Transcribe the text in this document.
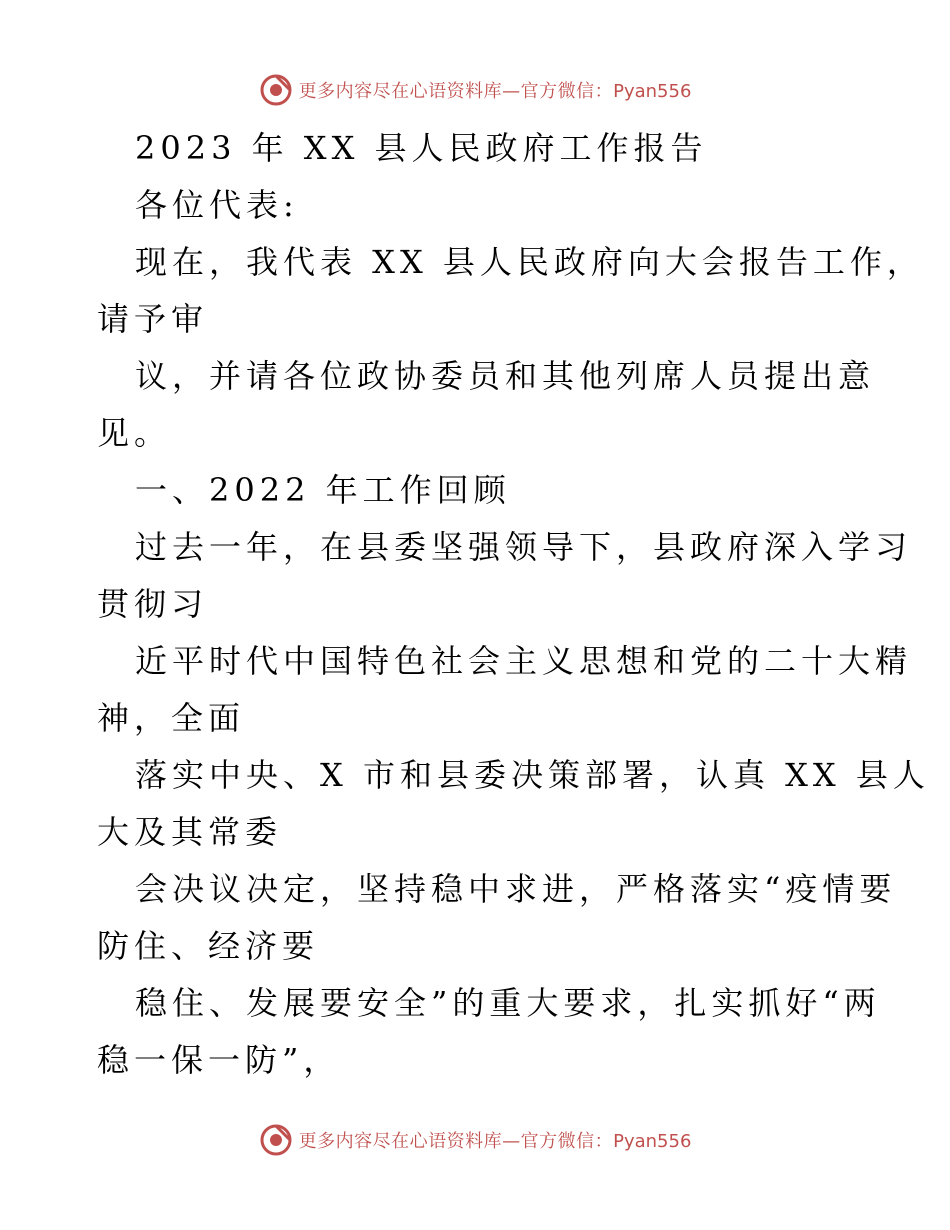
更多内容尽在心语资料库—官方微信：Pyan556
2023 年 XX 县人民政府工作报告
各位代表:
现在，我代表 XX 县人民政府向大会报告工作，
请予审
议，并请各位政协委员和其他列席人员提出意
见。
一、2022 年工作回顾
过去一年，在县委坚强领导下，县政府深入学习
贯彻习
近平时代中国特色社会主义思想和党的二十大精
神，全面
落实中央、X 市和县委决策部署，认真 XX 县人
大及其常委
会决议决定，坚持稳中求进，严格落实“疫情要
防住、经济要
稳住、发展要安全”的重大要求，扎实抓好“两
稳一保一防”，
更多内容尽在心语资料库—官方微信：Pyan556
